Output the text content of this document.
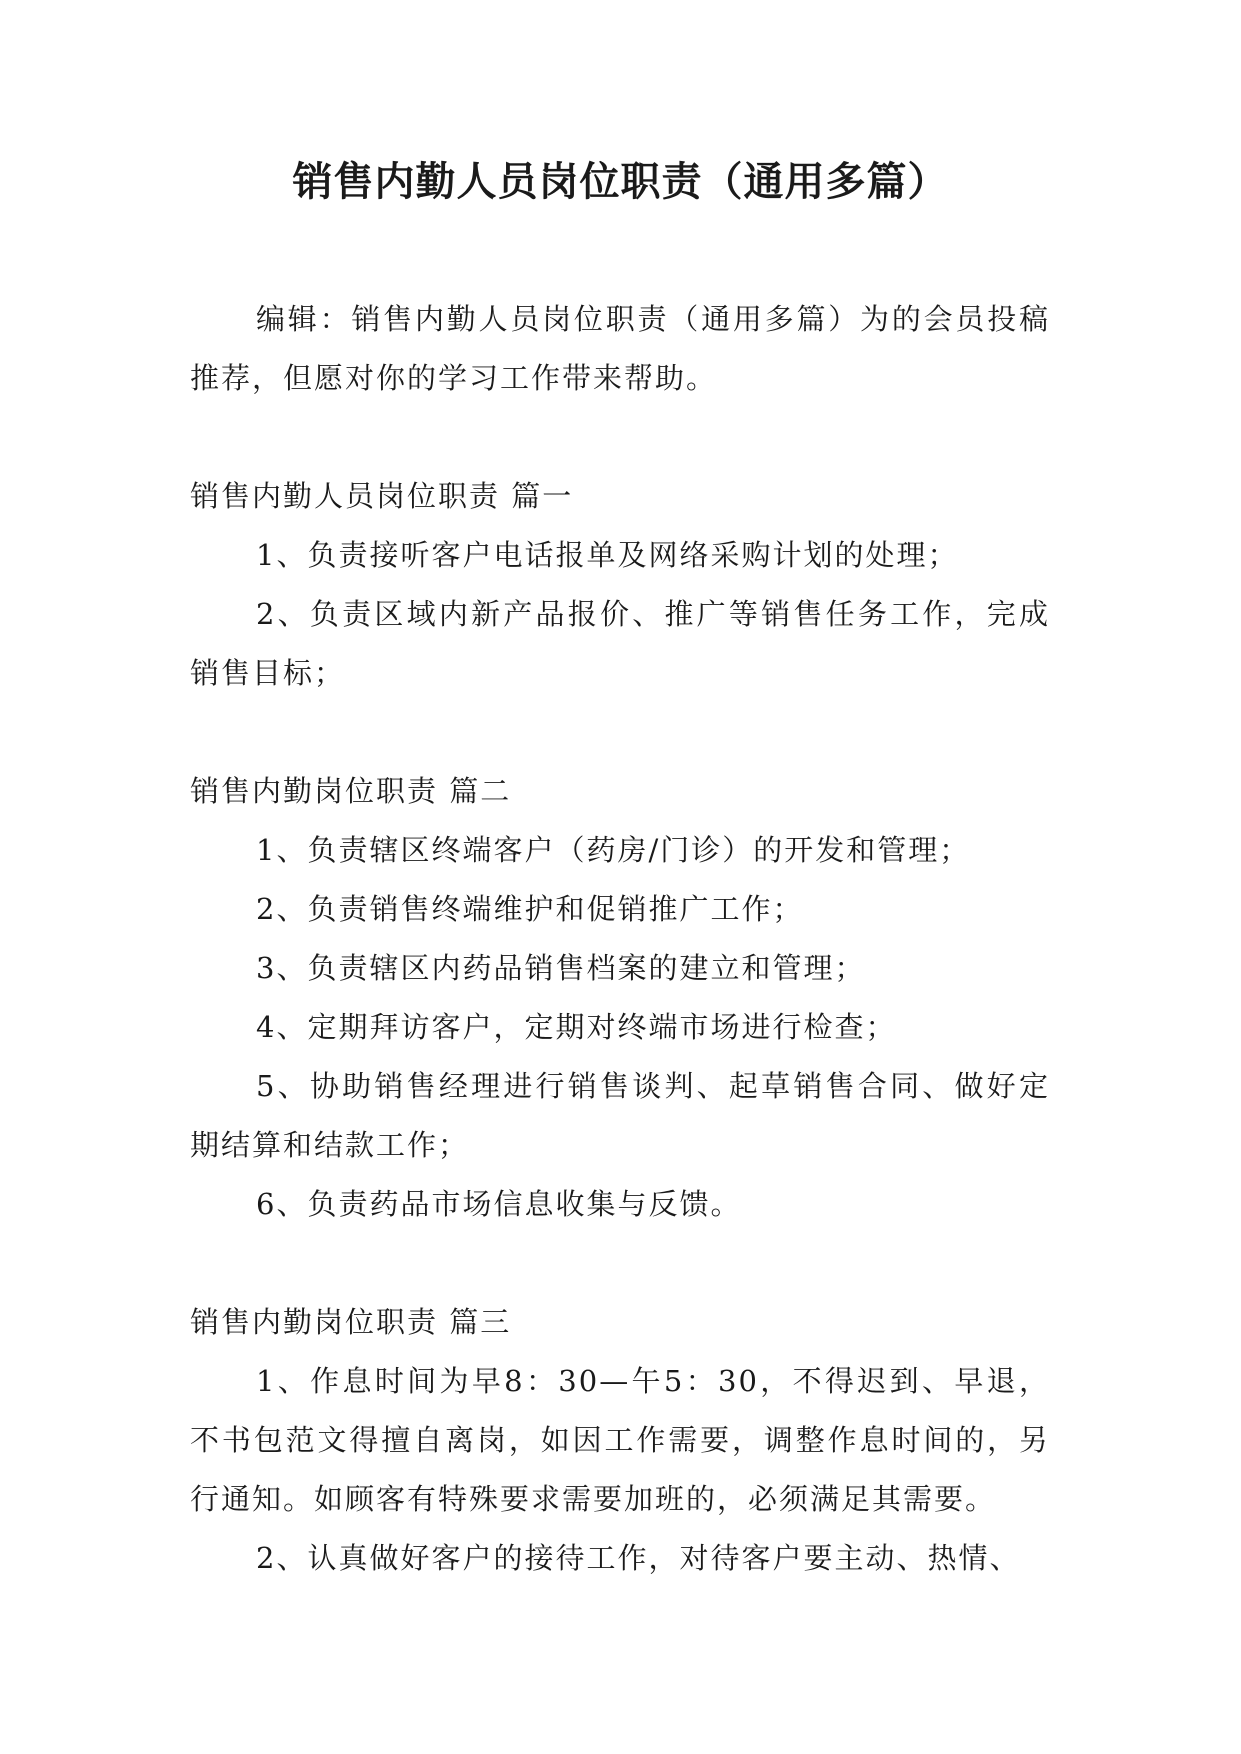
销售内勤人员岗位职责（通用多篇）

编辑：销售内勤人员岗位职责（通用多篇）为的会员投稿推荐，但愿对你的学习工作带来帮助。

销售内勤人员岗位职责 篇一

1、负责接听客户电话报单及网络采购计划的处理；

2、负责区域内新产品报价、推广等销售任务工作，完成销售目标；

销售内勤岗位职责 篇二

1、负责辖区终端客户（药房/门诊）的开发和管理；

2、负责销售终端维护和促销推广工作；

3、负责辖区内药品销售档案的建立和管理；

4、定期拜访客户，定期对终端市场进行检查；

5、协助销售经理进行销售谈判、起草销售合同、做好定期结算和结款工作；

6、负责药品市场信息收集与反馈。

销售内勤岗位职责 篇三

1、作息时间为早8：30—午5：30，不得迟到、早退，不书包范文得擅自离岗，如因工作需要，调整作息时间的，另行通知。如顾客有特殊要求需要加班的，必须满足其需要。

2、认真做好客户的接待工作，对待客户要主动、热情、
